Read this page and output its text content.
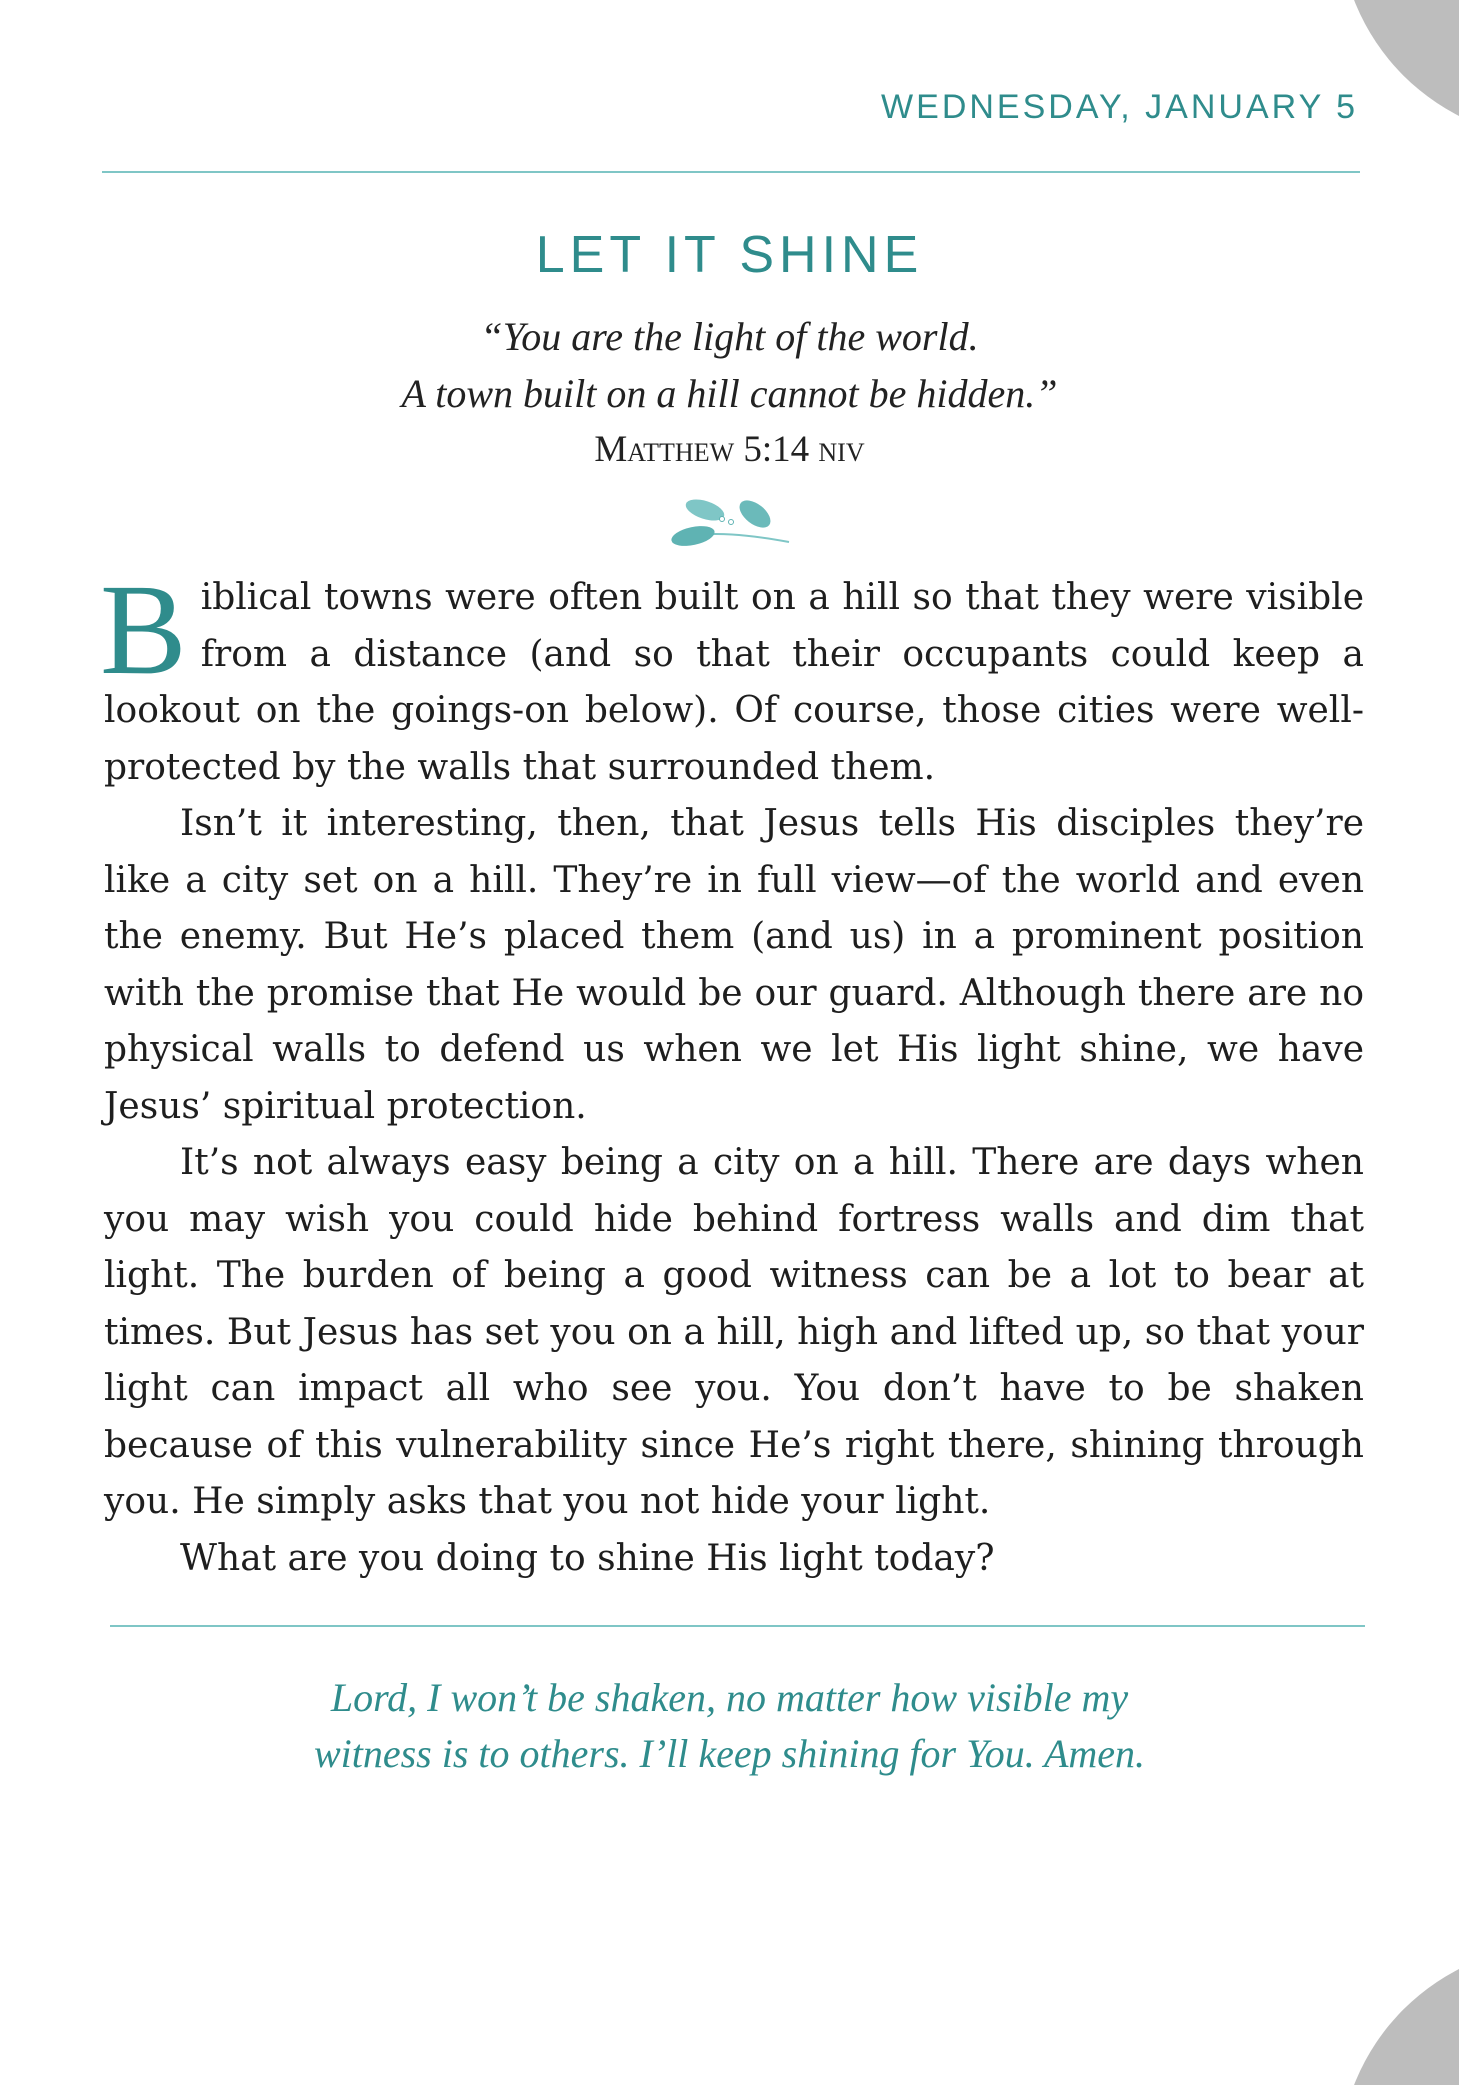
WEDNESDAY, JANUARY 5
LET IT SHINE
“You are the light of the world.
A town built on a hill cannot be hidden.”
Matthew 5:14 niv

Biblical towns were often built on a hill so that they were visible from a distance (and so that their occupants could keep a lookout on the goings-on below). Of course, those cities were well-protected by the walls that surrounded them.

Isn’t it interesting, then, that Jesus tells His disciples they’re like a city set on a hill. They’re in full view—of the world and even the enemy. But He’s placed them (and us) in a prominent position with the promise that He would be our guard. Although there are no physical walls to defend us when we let His light shine, we have Jesus’ spiritual protection.

It’s not always easy being a city on a hill. There are days when you may wish you could hide behind fortress walls and dim that light. The burden of being a good witness can be a lot to bear at times. But Jesus has set you on a hill, high and lifted up, so that your light can impact all who see you. You don’t have to be shaken because of this vulnerability since He’s right there, shining through you. He simply asks that you not hide your light.

What are you doing to shine His light today?

Lord, I won’t be shaken, no matter how visible my
witness is to others. I’ll keep shining for You. Amen.
